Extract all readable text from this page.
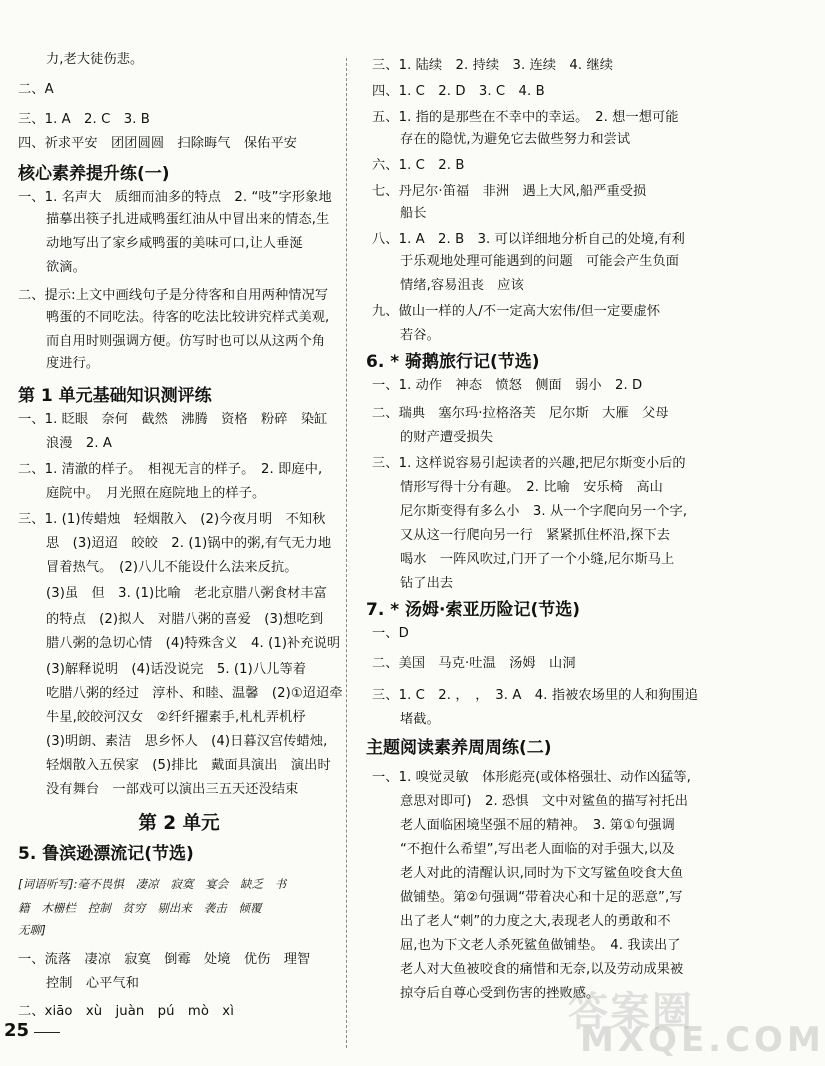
力,老大徒伤悲。
二、A
三、1. A　2. C　3. B
四、祈求平安　团团圆圆　扫除晦气　保佑平安
核心素养提升练(一)
一、1. 名声大　质细而油多的特点　2. “吱”字形象地
描摹出筷子扎进咸鸭蛋红油从中冒出来的情态,生
动地写出了家乡咸鸭蛋的美味可口,让人垂涎
欲滴。
二、提示:上文中画线句子是分待客和自用两种情况写
鸭蛋的不同吃法。待客的吃法比较讲究样式美观,
而自用时则强调方便。仿写时也可以从这两个角
度进行。
第 1 单元基础知识测评练
一、1. 眨眼　奈何　截然　沸腾　资格　粉碎　染缸
浪漫　2. A
二、1. 清澈的样子。　相视无言的样子。　2. 即庭中,
庭院中。　月光照在庭院地上的样子。
三、1. (1)传蜡烛　轻烟散入　(2)今夜月明　不知秋
思　(3)迢迢　皎皎　2. (1)锅中的粥,有气无力地
冒着热气。　(2)八儿不能设什么法来反抗。
(3)虽　但　3. (1)比喻　老北京腊八粥食材丰富
的特点　(2)拟人　对腊八粥的喜爱　(3)想吃到
腊八粥的急切心情　(4)特殊含义　4. (1)补充说明
(3)解释说明　(4)话没说完　5. (1)八儿等着
吃腊八粥的经过　淳朴、和睦、温馨　(2)①迢迢牵
牛星,皎皎河汉女　②纤纤擢素手,札札弄机杼
(3)明朗、素洁　思乡怀人　(4)日暮汉宫传蜡烛,
轻烟散入五侯家　(5)排比　戴面具演出　演出时
没有舞台　一部戏可以演出三五天还没结束
第 2 单元
5. 鲁滨逊漂流记(节选)
[词语听写]:毫不畏惧　凄凉　寂寞　宴会　缺乏　书
籍　木栅栏　控制　贫穷　剔出来　袭击　倾覆
无聊]
一、流落　凄凉　寂寞　倒霉　处境　优伤　理智
控制　心平气和
二、xiāo　xù　juàn　pú　mò　xì
三、1. 陆续　2. 持续　3. 连续　4. 继续
四、1. C　2. D　3. C　4. B
五、1. 指的是那些在不幸中的幸运。　2. 想一想可能
存在的隐忧,为避免它去做些努力和尝试
六、1. C　2. B
七、丹尼尔·笛福　非洲　遇上大风,船严重受损
船长
八、1. A　2. B　3. 可以详细地分析自己的处境,有利
于乐观地处理可能遇到的问题　可能会产生负面
情绪,容易沮丧　应该
九、做山一样的人/不一定高大宏伟/但一定要虚怀
若谷。
6. * 骑鹅旅行记(节选)
一、1. 动作　神态　愤怒　侧面　弱小　2. D
二、瑞典　塞尔玛·拉格洛芙　尼尔斯　大雁　父母
的财产遭受损失
三、1. 这样说容易引起读者的兴趣,把尼尔斯变小后的
情形写得十分有趣。　2. 比喻　安乐椅　高山
尼尔斯变得有多么小　3. 从一个字爬向另一个字,
又从这一行爬向另一行　紧紧抓住杯沿,探下去
喝水　一阵风吹过,门开了一个小缝,尼尔斯马上
钻了出去
7. * 汤姆·索亚历险记(节选)
一、D
二、美国　马克·吐温　汤姆　山洞
三、1. C　2. ，　，　3. A　4. 指被农场里的人和狗围追
堵截。
主题阅读素养周周练(二)
一、1. 嗅觉灵敏　体形彪亮(或体格强壮、动作凶猛等,
意思对即可)　2. 恐惧　文中对鲨鱼的描写衬托出
老人面临困境坚强不屈的精神。　3. 第①句强调
“不抱什么希望”,写出老人面临的对手强大,以及
老人对此的清醒认识,同时为下文写鲨鱼咬食大鱼
做铺垫。第②句强调“带着决心和十足的恶意”,写
出了老人“刺”的力度之大,表现老人的勇敢和不
屈,也为下文老人杀死鲨鱼做铺垫。　4. 我读出了
老人对大鱼被咬食的痛惜和无奈,以及劳动成果被
掠夺后自尊心受到伤害的挫败感。
25	答案圈
MXQE.COM
